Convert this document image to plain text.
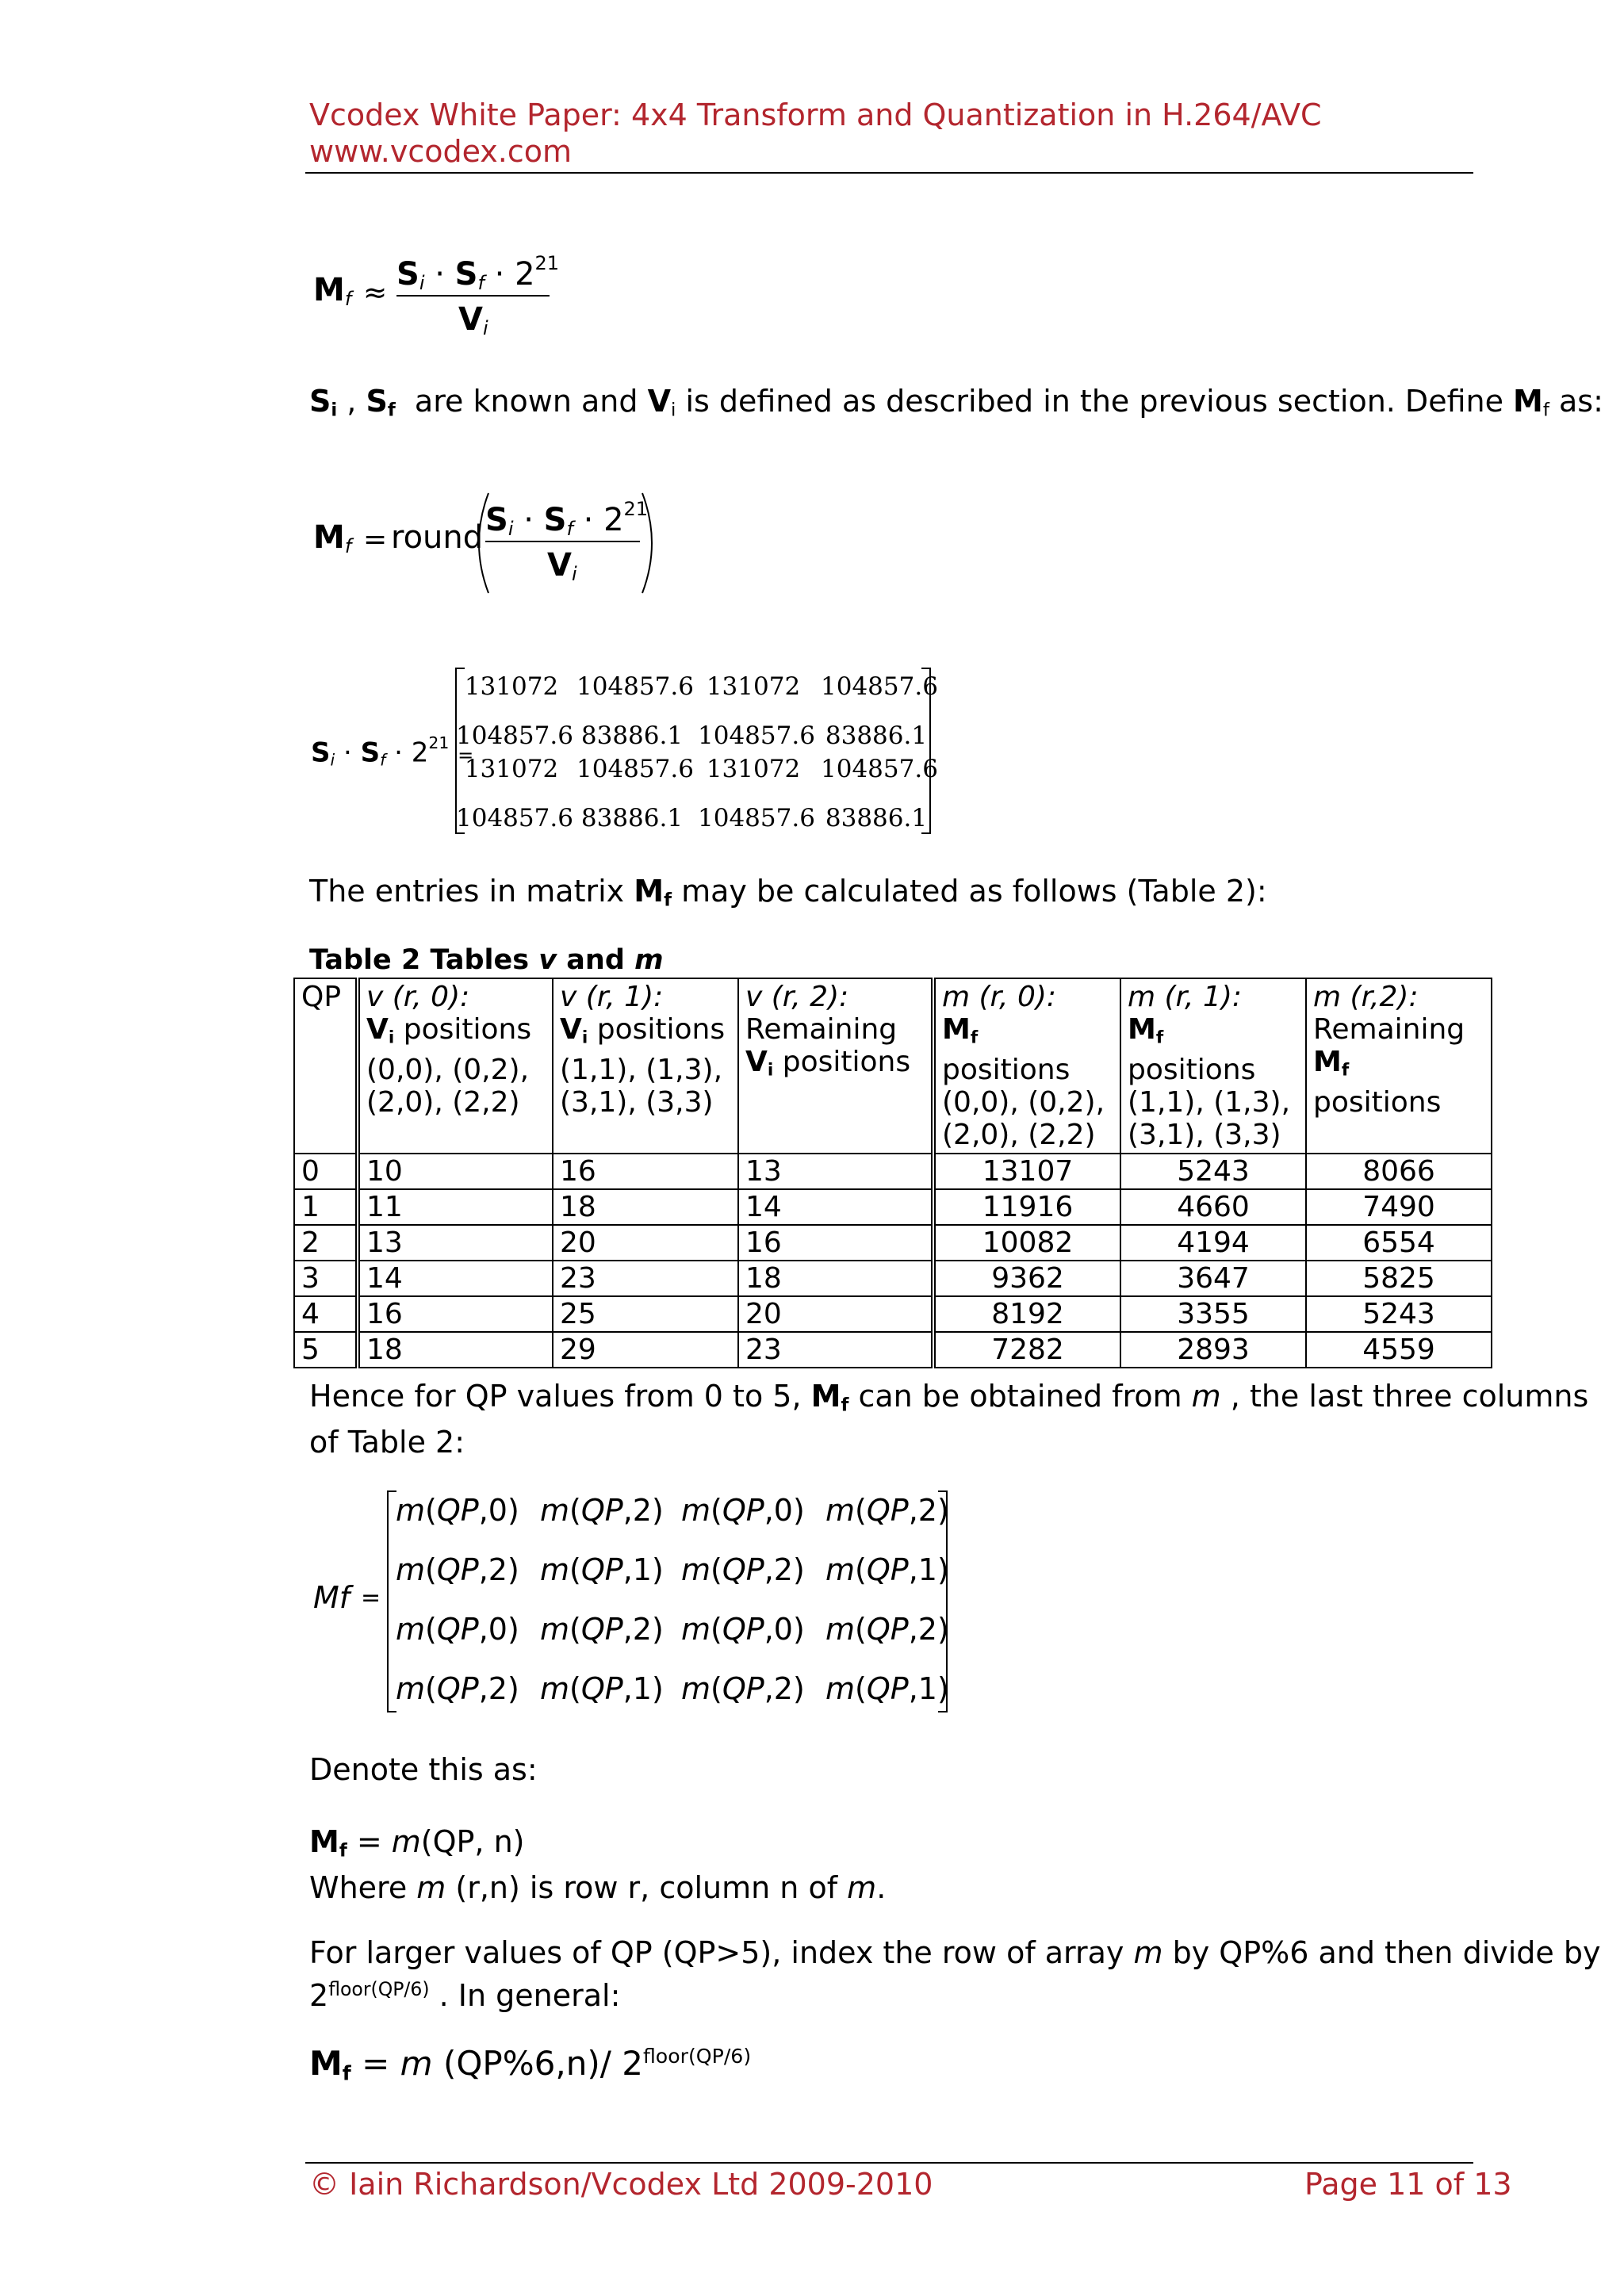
Vcodex White Paper: 4x4 Transform and Quantization in H.264/AVC
www.vcodex.com
$M_f$ ≈
$S_i \cdot S_f \cdot 2^{21}$
$V_i$
$S_i$ , $S_f$  are known and $V_i$ is defined as described in the previous section. Define $M_f$ as:
$M_f$ = round $S_i \cdot S_f \cdot 2^{21}$
$V_i$
$S_i \cdot S_f \cdot 2^{21}$ =
131072 104857.6 131072 104857.6
104857.6 83886.1 104857.6 83886.1
131072 104857.6 131072 104857.6
104857.6 83886.1 104857.6 83886.1
The entries in matrix $M_f$ may be calculated as follows (Table 2):
Table 2 Tables v and m
QP	v (r, 0):
$V_i$ positions
(0,0), (0,2),
(2,0), (2,2)	v (r, 1):
$V_i$ positions
(1,1), (1,3),
(3,1), (3,3)	v (r, 2):
Remaining
$V_i$ positions	m (r, 0):
$M_f$ positions
(0,0), (0,2),
(2,0), (2,2)	m (r, 1):
$M_f$ positions
(1,1), (1,3),
(3,1), (3,3)	m (r,2):
Remaining
$M_f$ positions
0	10	16	13	13107	5243	8066
1	11	18	14	11916	4660	7490
2	13	20	16	10082	4194	6554
3	14	23	18	9362	3647	5825
4	16	25	20	8192	3355	5243
5	18	29	23	7282	2893	4559
Hence for QP values from 0 to 5, $M_f$ can be obtained from m , the last three columns
of Table 2:
Mf =
m(QP,0) m(QP,2) m(QP,0) m(QP,2)
m(QP,2) m(QP,1) m(QP,2) m(QP,1)
m(QP,0) m(QP,2) m(QP,0) m(QP,2)
m(QP,2) m(QP,1) m(QP,2) m(QP,1)
Denote this as:
$M_f = m(QP$, n)
Where m (r,n) is row r, column n of m.
For larger values of QP (QP>5), index the row of array m by QP%6 and then divide by
$2^{floor(QP/6)}$ . In general:
$M_f = m$ (QP%6,n)/ $2^{floor(QP/6)}$
© Iain Richardson/Vcodex Ltd 2009-2010	Page 11 of 13
